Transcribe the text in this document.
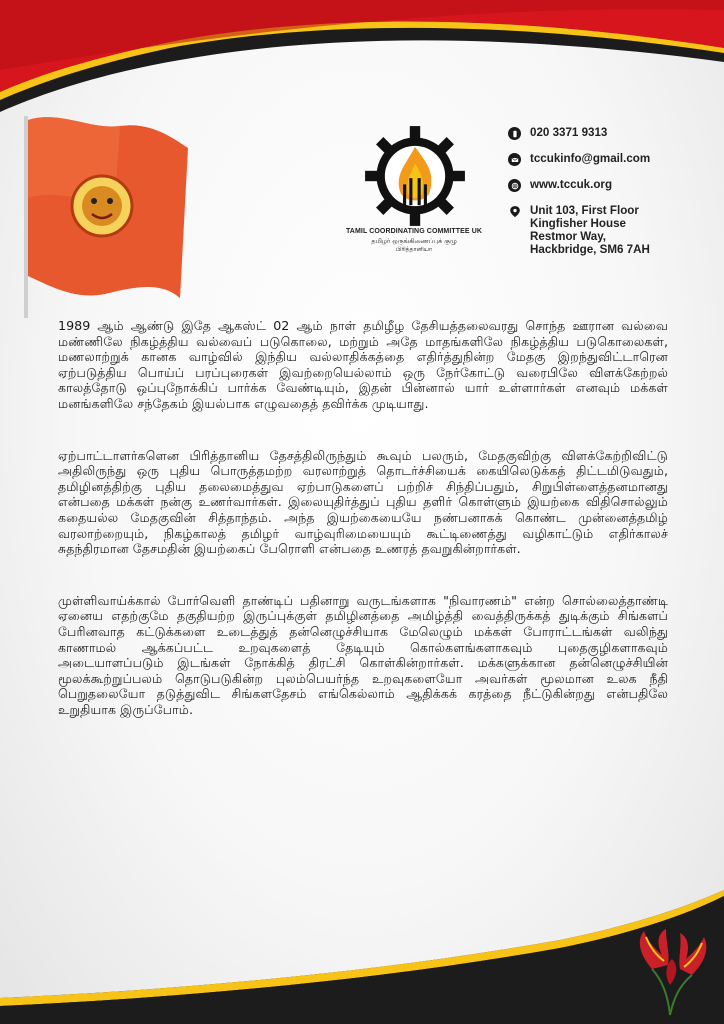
TAMIL COORDINATING COMMITTEE UK
தமிழர் ஒருங்கிணைப்புக் குழு
பிரித்தானியா
020 3371 9313
tccukinfo@gmail.com
www.tccuk.org
Unit 103, First Floor
Kingfisher House
Restmor Way,
Hackbridge, SM6 7AH

1989 ஆம் ஆண்டு இதே ஆகஸ்ட் 02 ஆம் நாள் தமிழீழ தேசியத்தலைவரது சொந்த ஊரான வல்வை மண்ணிலே நிகழ்த்திய வல்வைப் படுகொலை, மற்றும் அதே மாதங்களிலே நிகழ்த்திய படுகொலைகள், மணலாற்றுக் கானக வாழ்வில் இந்திய வல்லாதிக்கத்தை எதிர்த்துநின்ற மேதகு இறந்துவிட்டாரென ஏற்படுத்திய பொய்ப் பரப்புரைகள் இவற்றையெல்லாம் ஒரு நேர்கோட்டு வரைபிலே விளக்கேற்றல் காலத்தோடு ஒப்புநோக்கிப் பார்க்க வேண்டியும், இதன் பின்னால் யார் உள்ளார்கள் எனவும் மக்கள் மனங்களிலே சந்தேகம் இயல்பாக எழுவதைத் தவிர்க்க முடியாது.

ஏற்பாட்டாளர்களென பிரித்தானிய தேசத்திலிருந்தும் கூவும் பலரும், மேதகுவிற்கு விளக்கேற்றிவிட்டு அதிலிருந்து ஒரு புதிய பொருத்தமற்ற வரலாற்றுத் தொடர்ச்சியைக் கையிலெடுக்கத் திட்டமிடுவதும், தமிழினத்திற்கு புதிய தலைமைத்துவ ஏற்பாடுகளைப் பற்றிச் சிந்திப்பதும், சிறுபிள்ளைத்தனமானது என்பதை மக்கள் நன்கு உணர்வார்கள். இலையுதிர்த்துப் புதிய தளிர் கொள்ளும் இயற்கை விதிசொல்லும் கதையல்ல மேதகுவின் சித்தாந்தம். அந்த இயற்கையையே நண்பனாகக் கொண்ட முன்னைத்தமிழ் வரலாற்றையும், நிகழ்காலத் தமிழர் வாழ்வுரிமையையும் கூட்டிணைத்து வழிகாட்டும் எதிர்காலச் சுதந்திரமான தேசமதின் இயற்கைப் பேரொளி என்பதை உணரத் தவறுகின்றார்கள்.

முள்ளிவாய்க்கால் போர்வெளி தாண்டிப் பதினாறு வருடங்களாக "நிவாரணம்" என்ற சொல்லைத்தாண்டி ஏனைய எதற்குமே தகுதியற்ற இருப்புக்குள் தமிழினத்தை அமிழ்த்தி வைத்திருக்கத் துடிக்கும் சிங்களப் பேரினவாத கட்டுக்களை உடைத்துத் தன்னெழுச்சியாக மேலெழும் மக்கள் போராட்டங்கள் வலிந்து காணாமல் ஆக்கப்பட்ட உறவுகளைத் தேடியும் கொல்களங்களாகவும் புதைகுழிகளாகவும் அடையாளப்படும் இடங்கள் நோக்கித் திரட்சி கொள்கின்றார்கள். மக்களுக்கான தன்னெழுச்சியின் மூலக்கூற்றுப்பலம் தொடுபடுகின்ற புலம்பெயர்ந்த உறவுகளையோ அவர்கள் மூலமான உலக நீதி பெறுதலையோ தடுத்துவிட சிங்களதேசம் எங்கெல்லாம் ஆதிக்கக் கரத்தை நீட்டுகின்றது என்பதிலே உறுதியாக இருப்போம்.
